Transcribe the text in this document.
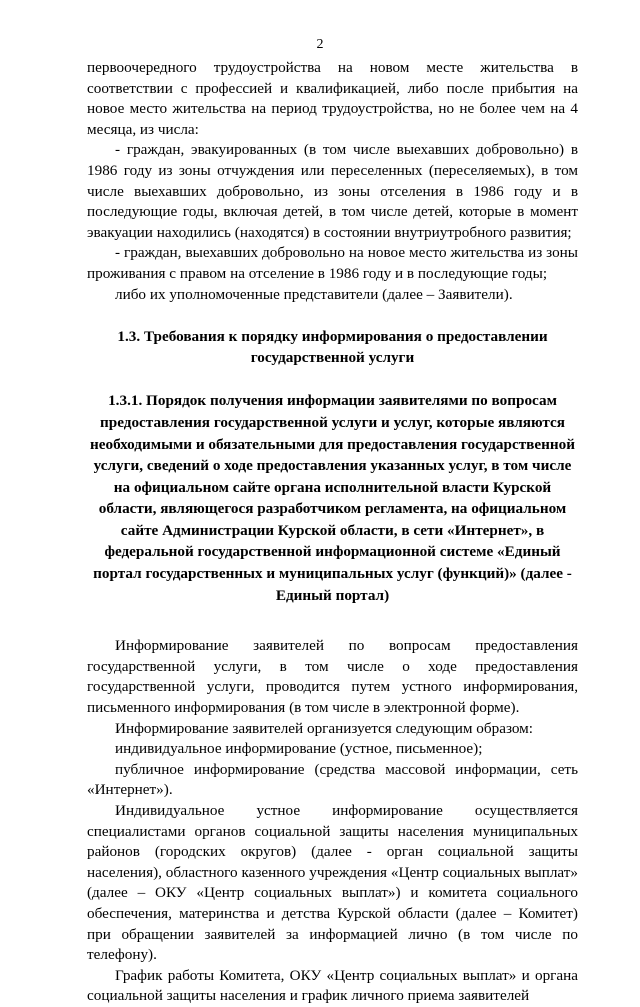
2

первоочередного трудоустройства на новом месте жительства в соответствии с профессией и квалификацией, либо после прибытия на новое место жительства на период трудоустройства, но не более чем на 4 месяца, из числа:

- граждан, эвакуированных (в том числе выехавших добровольно) в 1986 году из зоны отчуждения или переселенных (переселяемых), в том числе выехавших добровольно, из зоны отселения в 1986 году и в последующие годы, включая детей, в том числе детей, которые в момент эвакуации находились (находятся) в состоянии внутриутробного развития;

- граждан, выехавших добровольно на новое место жительства из зоны проживания с правом на отселение в 1986 году и в последующие годы;

либо их уполномоченные представители (далее – Заявители).

1.3. Требования к порядку информирования о предоставлении государственной услуги

1.3.1. Порядок получения информации заявителями по вопросам предоставления государственной услуги и услуг, которые являются необходимыми и обязательными для предоставления государственной услуги, сведений о ходе предоставления указанных услуг, в том числе на официальном сайте органа исполнительной власти Курской области, являющегося разработчиком регламента, на официальном сайте Администрации Курской области, в сети «Интернет», в федеральной государственной информационной системе «Единый портал государственных и муниципальных услуг (функций)» (далее - Единый портал)

Информирование заявителей по вопросам предоставления государственной услуги, в том числе о ходе предоставления государственной услуги, проводится путем устного информирования, письменного информирования (в том числе в электронной форме).

Информирование заявителей организуется следующим образом:

индивидуальное информирование (устное, письменное);

публичное информирование (средства массовой информации, сеть «Интернет»).

Индивидуальное устное информирование осуществляется специалистами органов социальной защиты населения муниципальных районов (городских округов) (далее - орган социальной защиты населения), областного казенного учреждения «Центр социальных выплат» (далее – ОКУ «Центр социальных выплат») и комитета социального обеспечения, материнства и детства Курской области (далее – Комитет) при обращении заявителей за информацией лично (в том числе по телефону).

График работы Комитета, ОКУ «Центр социальных выплат» и органа социальной защиты населения и график личного приема заявителей
